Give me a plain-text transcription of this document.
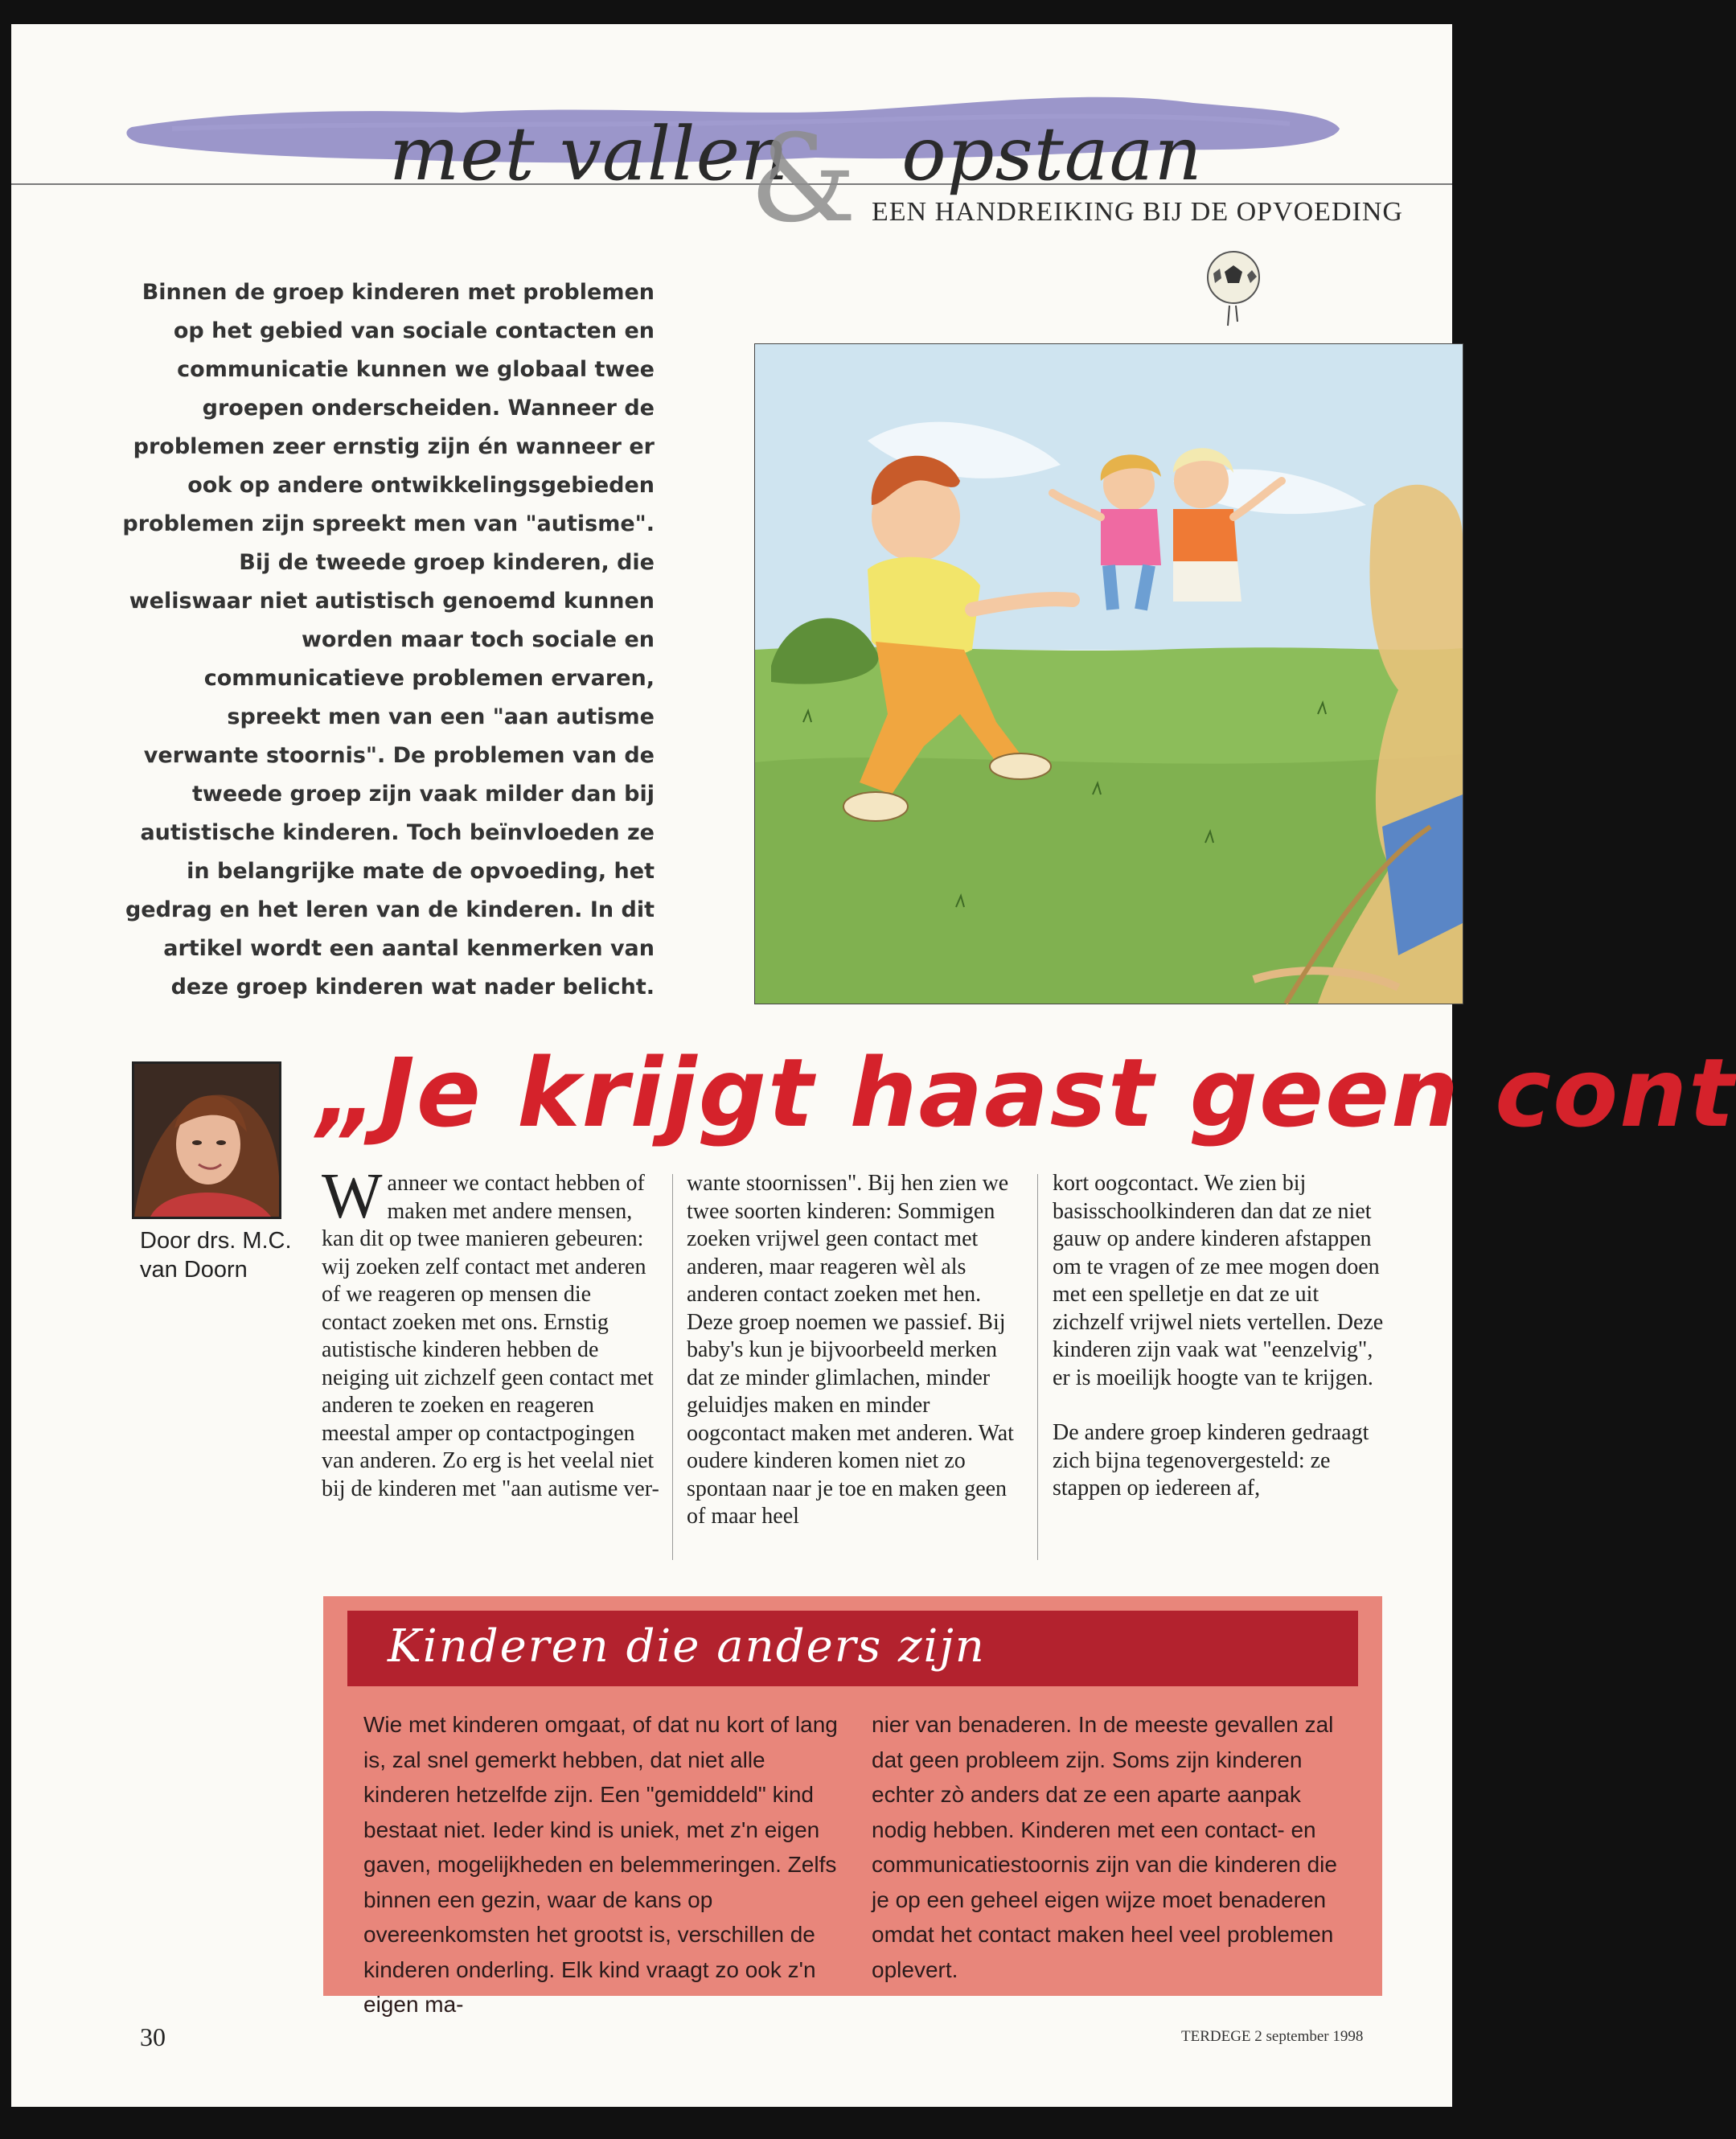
met vallen opstaan
& EEN HANDREIKING BIJ DE OPVOEDING
Binnen de groep kinderen met problemen op het gebied van sociale contacten en communicatie kunnen we globaal twee groepen onderscheiden. Wanneer de problemen zeer ernstig zijn én wanneer er ook op andere ontwikkelingsgebieden problemen zijn spreekt men van "autisme". Bij de tweede groep kinderen, die weliswaar niet autistisch genoemd kunnen worden maar toch sociale en communicatieve problemen ervaren, spreekt men van een "aan autisme verwante stoornis". De problemen van de tweede groep zijn vaak milder dan bij autistische kinderen. Toch beïnvloeden ze in belangrijke mate de opvoeding, het gedrag en het leren van de kinderen. In dit artikel wordt een aantal kenmerken van deze groep kinderen wat nader belicht.
Door drs. M.C.
van Doorn
„Je krijgt haast geen cont
Wanneer we contact hebben of maken met andere mensen, kan dit op twee manieren gebeuren: wij zoeken zelf contact met anderen of we reageren op mensen die contact zoeken met ons. Ernstig autistische kinderen hebben de neiging uit zichzelf geen contact met anderen te zoeken en reageren meestal amper op contactpogingen van anderen. Zo erg is het veelal niet bij de kinderen met "aan autisme ver-
wante stoornissen". Bij hen zien we twee soorten kinderen: Sommigen zoeken vrijwel geen contact met anderen, maar reageren wèl als anderen contact zoeken met hen. Deze groep noemen we passief. Bij baby's kun je bijvoorbeeld merken dat ze minder glimlachen, minder geluidjes maken en minder oogcontact maken met anderen. Wat oudere kinderen komen niet zo spontaan naar je toe en maken geen of maar heel
kort oogcontact. We zien bij basisschoolkinderen dan dat ze niet gauw op andere kinderen afstappen om te vragen of ze mee mogen doen met een spelletje en dat ze uit zichzelf vrijwel niets vertellen. Deze kinderen zijn vaak wat "eenzelvig", er is moeilijk hoogte van te krijgen.
De andere groep kinderen gedraagt zich bijna tegenovergesteld: ze stappen op iedereen af,
Kinderen die anders zijn
Wie met kinderen omgaat, of dat nu kort of lang is, zal snel gemerkt hebben, dat niet alle kinderen hetzelfde zijn. Een "gemiddeld" kind bestaat niet. Ieder kind is uniek, met z'n eigen gaven, mogelijkheden en belemmeringen. Zelfs binnen een gezin, waar de kans op overeenkomsten het grootst is, verschillen de kinderen onderling. Elk kind vraagt zo ook z'n eigen ma-
nier van benaderen. In de meeste gevallen zal dat geen probleem zijn. Soms zijn kinderen echter zò anders dat ze een aparte aanpak nodig hebben. Kinderen met een contact- en communicatiestoornis zijn van die kinderen die je op een geheel eigen wijze moet benaderen omdat het contact maken heel veel problemen oplevert.
30	TERDEGE 2 september 1998
